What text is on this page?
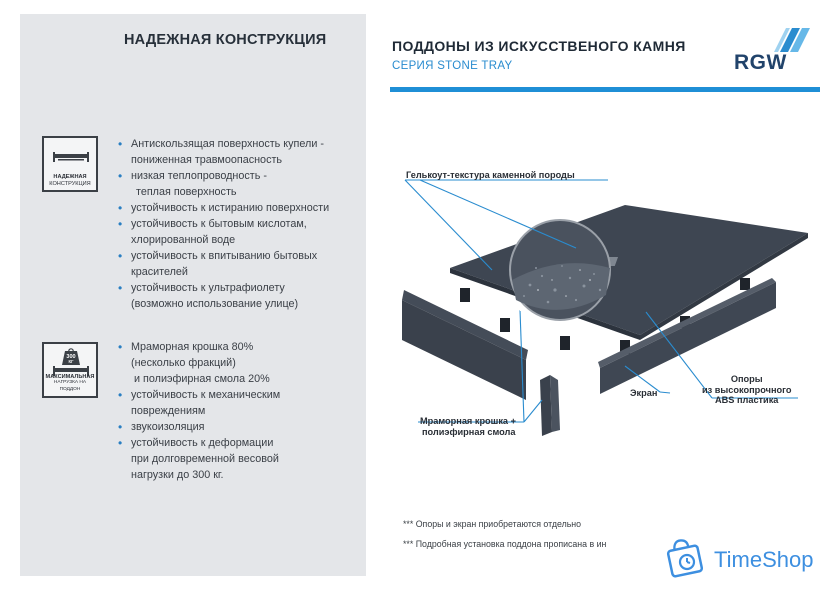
НАДЕЖНАЯ КОНСТРУКЦИЯ
НАДЕЖНАЯ
КОНСТРУКЦИЯ
• Антискользящая поверхность купели -
пониженная травмоопасность
• низкая теплопроводность -
теплая поверхность
• устойчивость к истиранию поверхности
• устойчивость к бытовым кислотам,
хлорированной воде
• устойчивость к впитыванию бытовых
красителей
• устойчивость к ультрафиолету
(возможно использование улице)
300
КГ
МАКСИМАЛЬНАЯ
НАГРУЗКА НА ПОДДОН
• Мраморная крошка 80%
(несколько фракций)
и полиэфирная смола 20%
• устойчивость к механическим
повреждениям
• звукоизоляция
• устойчивость к деформации
при долговременной весовой
нагрузки до 300 кг.
ПОДДОНЫ ИЗ ИСКУССТВЕНОГО КАМНЯ
СЕРИЯ STONE TRAY	RGW
+
Гелькоут-текстура каменной породы
Опоры
из высокопрочного
ABS пластика
Экран
Мраморная крошка +
полиэфирная смола
*** Опоры и экран приобретаются отдельно
*** Подробная установка поддона прописана в ин
TimeShop
